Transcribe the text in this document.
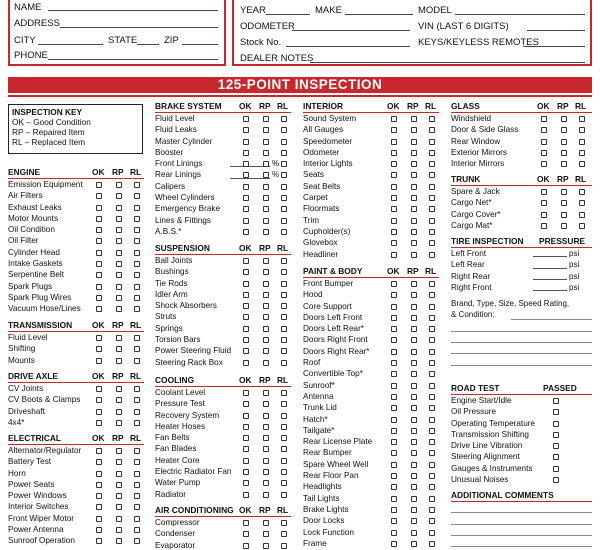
NAME
ADDRESS
CITY	STATE	ZIP
PHONE
YEAR	MAKE	MODEL
ODOMETER	VIN (LAST 6 DIGITS)
Stock No.	KEYS/KEYLESS REMOTES
DEALER NOTES
125-POINT INSPECTION
INSPECTION KEY
OK – Good Condition
RP – Repaired Item
RL – Replaced Item
ENGINE	OK RP RL
Emission Equipment
Air Filters
Exhaust Leaks
Motor Mounts
Oil Condition
Oil Filter
Cylinder Head
Intake Gaskets
Serpentine Belt
Spark Plugs
Spark Plug Wires
Vacuum Hose/Lines
TRANSMISSION OK RP RL
Fluid Level
Shifting
Mounts
DRIVE AXLE	OK RP RL
CV Joints
CV Boots & Clamps
Driveshaft
4x4*
ELECTRICAL	OK RP RL
Alternator/Regulator
Battery Test
Horn
Power Seats
Power Windows
Interior Switches
Front Wiper Motor
Power Antenna
Sunroof Operation
BRAKE SYSTEM OK RP RL
Fluid Level
Fluid Leaks
Master Cylinder
Booster
Front Linings	%
Rear Linings	%
Calipers
Wheel Cylinders
Emergency Brake
Lines & Fittings
A.B.S.*
SUSPENSION	OK RP RL
Ball Joints
Bushings
Tie Rods
Idler Arm
Shock Absorbers
Struts
Springs
Torsion Bars
Power Steering Fluid
Steering Rack Box
COOLING	OK RP RL
Coolant Level
Pressure Test
Recovery System
Heater Hoses
Fan Belts
Fan Blades
Heater Core
Electric Radiator Fan
Water Pump
Radiator
AIR CONDITIONING OK RP RL
Compressor
Condenser
Evaporator
INTERIOR	OK RP RL
Sound System
All Gauges
Speedometer
Odometer
Interior Lights
Seats
Seat Belts
Carpet
Floormats
Trim
Cupholder(s)
Glovebox
Headliner
PAINT & BODY	OK RP RL
Front Bumper
Hood
Core Support
Doors Left Front
Doors Left Rear*
Doors Right Front
Doors Right Rear*
Roof
Convertible Top*
Sunroof*
Antenna
Trunk Lid
Hatch*
Tailgate*
Rear License Plate
Rear Bumper
Spare Wheel Well
Rear Floor Pan
Headlights
Tail Lights
Brake Lights
Door Locks
Lock Function
Frame
GLASS	OK RP RL
Windshield
Door & Side Glass
Rear Window
Exterior Mirrors
Interior Mirrors
TRUNK	OK RP RL
Spare & Jack
Cargo Net*
Cargo Cover*
Cargo Mat*
TIRE INSPECTION PRESSURE
Left Front	psi
Left Rear	psi
Right Rear	psi
Right Front	psi
Brand, Type, Size, Speed Rating,
& Condition:
ROAD TEST	PASSED
Engine Start/Idle
Oil Pressure
Operating Temperature
Transmission Shifting
Drive Line Vibration
Steering Alignment
Gauges & Instruments
Unusual Noises
ADDITIONAL COMMENTS
